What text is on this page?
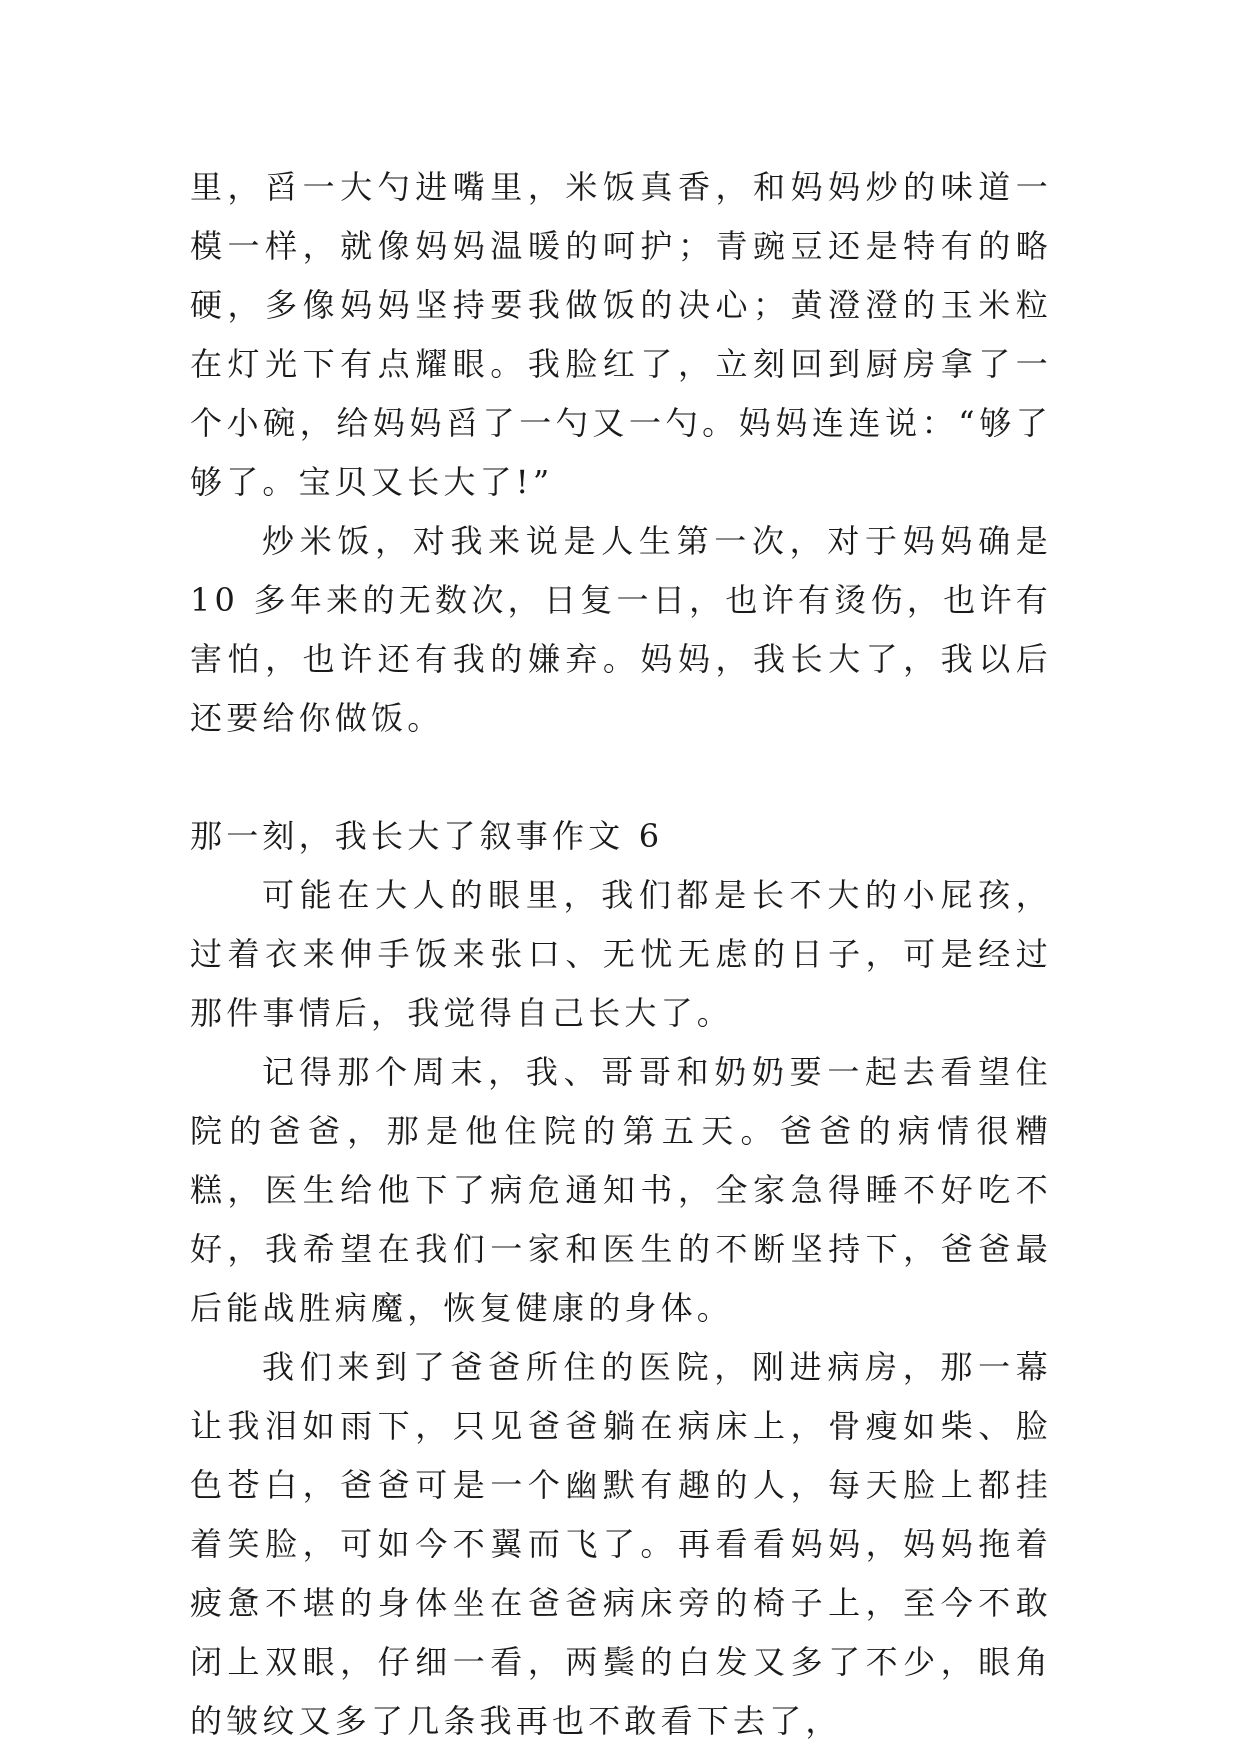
里，舀一大勺进嘴里，米饭真香，和妈妈炒的味道一模一样，就像妈妈温暖的呵护；青豌豆还是特有的略硬，多像妈妈坚持要我做饭的决心；黄澄澄的玉米粒在灯光下有点耀眼。我脸红了，立刻回到厨房拿了一个小碗，给妈妈舀了一勺又一勺。妈妈连连说：“够了够了。宝贝又长大了!”

炒米饭，对我来说是人生第一次，对于妈妈确是 10 多年来的无数次，日复一日，也许有烫伤，也许有害怕，也许还有我的嫌弃。妈妈，我长大了，我以后还要给你做饭。

那一刻，我长大了叙事作文 6

可能在大人的眼里，我们都是长不大的小屁孩，过着衣来伸手饭来张口、无忧无虑的日子，可是经过那件事情后，我觉得自己长大了。

记得那个周末，我、哥哥和奶奶要一起去看望住院的爸爸，那是他住院的第五天。爸爸的病情很糟糕，医生给他下了病危通知书，全家急得睡不好吃不好，我希望在我们一家和医生的不断坚持下，爸爸最后能战胜病魔，恢复健康的身体。

我们来到了爸爸所住的医院，刚进病房，那一幕让我泪如雨下，只见爸爸躺在病床上，骨瘦如柴、脸色苍白，爸爸可是一个幽默有趣的人，每天脸上都挂着笑脸，可如今不翼而飞了。再看看妈妈，妈妈拖着疲惫不堪的身体坐在爸爸病床旁的椅子上，至今不敢闭上双眼，仔细一看，两鬓的白发又多了不少，眼角的皱纹又多了几条我再也不敢看下去了，
